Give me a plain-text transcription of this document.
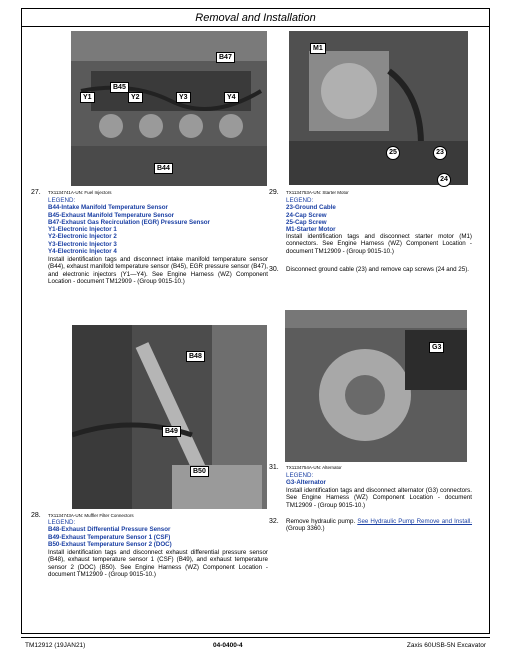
Removal and Installation
B47
B45
Y1	Y2	Y3	Y4
B44
27. TX1134741A-UN: Fuel Injectors
LEGEND:
B44-Intake Manifold Temperature Sensor
B45-Exhaust Manifold Temperature Sensor
B47-Exhaust Gas Recirculation (EGR) Pressure Sensor
Y1-Electronic Injector 1
Y2-Electronic Injector 2
Y3-Electronic Injector 3
Y4-Electronic Injector 4
Install identification tags and disconnect intake manifold temperature sensor (B44), exhaust manifold temperature sensor (B45), EGR pressure sensor (B47), and electronic injectors (Y1—Y4). See Engine Harness (WZ) Component Location - document TM12909 - (Group 9015-10.)
M1
25	23
24
29. TX1134753A-UN: Starter Motor
LEGEND:
23-Ground Cable
24-Cap Screw
25-Cap Screw
M1-Starter Motor
Install identification tags and disconnect starter motor (M1) connectors. See Engine Harness (WZ) Component Location - document TM12909 - (Group 9015-10.)
30. Disconnect ground cable (23) and remove cap screws (24 and 25).
B48
B49
B50
28. TX1134743A-UN: Muffler Filter Connectors
LEGEND:
B48-Exhaust Differential Pressure Sensor
B49-Exhaust Temperature Sensor 1 (CSF)
B50-Exhaust Temperature Sensor 2 (DOC)
Install identification tags and disconnect exhaust differential pressure sensor (B48), exhaust temperature sensor 1 (CSF) (B49), and exhaust temperature sensor 2 (DOC) (B50). See Engine Harness (WZ) Component Location - document TM12909 - (Group 9015-10.)
G3
31. TX1134754A-UN: Alternator
LEGEND:
G3-Alternator
Install identification tags and disconnect alternator (G3) connectors. See Engine Harness (WZ) Component Location - document TM12909 - (Group 9015-10.)
32. Remove hydraulic pump. See Hydraulic Pump Remove and Install. (Group 3360.)
TM12912 (19JAN21)	04-0400-4	Zaxis 60USB-5N Excavator
